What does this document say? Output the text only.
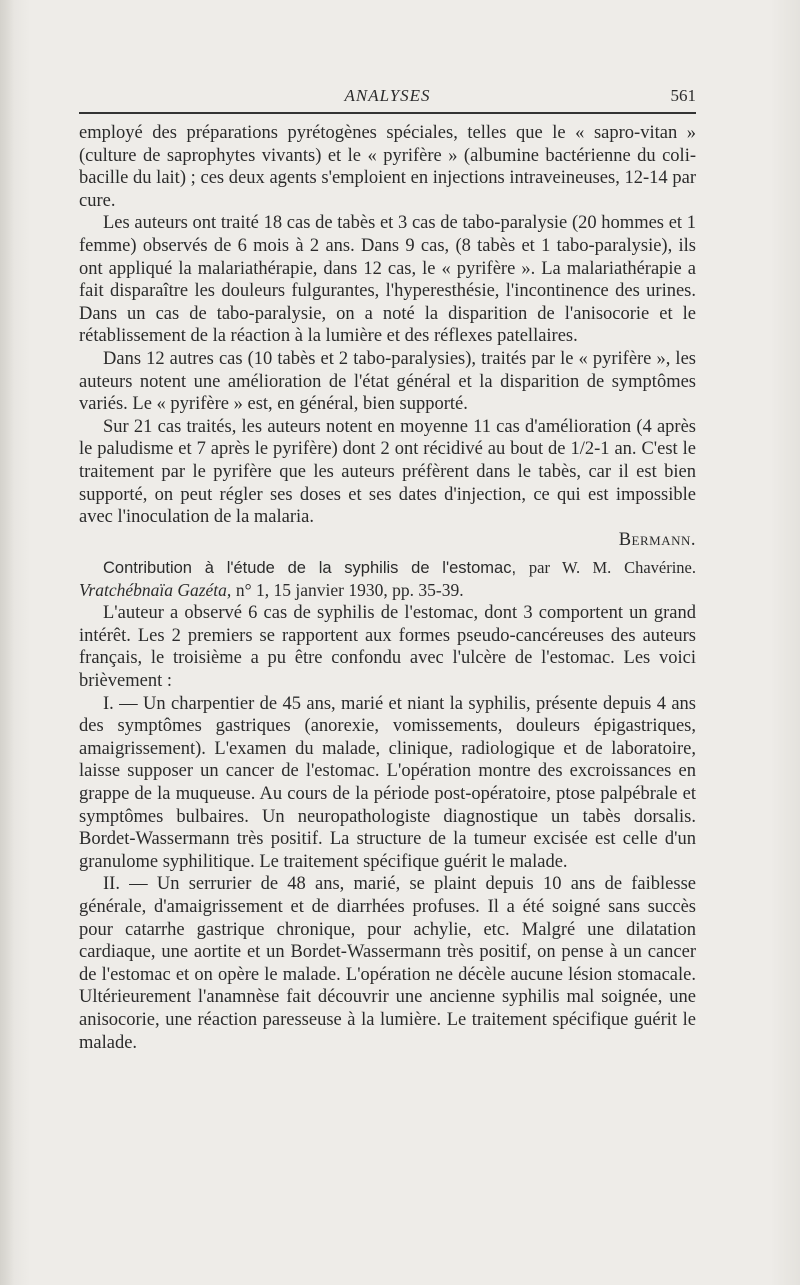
ANALYSES	561

employé des préparations pyrétogènes spéciales, telles que le « sapro-vitan » (culture de saprophytes vivants) et le « pyrifère » (albumine bactérienne du coli-bacille du lait) ; ces deux agents s'emploient en injections intraveineuses, 12-14 par cure.

Les auteurs ont traité 18 cas de tabès et 3 cas de tabo-paralysie (20 hommes et 1 femme) observés de 6 mois à 2 ans. Dans 9 cas, (8 tabès et 1 tabo-paralysie), ils ont appliqué la malariathérapie, dans 12 cas, le « pyrifère ». La malariathérapie a fait disparaître les douleurs fulgurantes, l'hyperesthésie, l'incontinence des urines. Dans un cas de tabo-paralysie, on a noté la disparition de l'anisocorie et le rétablissement de la réaction à la lumière et des réflexes patellaires.

Dans 12 autres cas (10 tabès et 2 tabo-paralysies), traités par le « pyrifère », les auteurs notent une amélioration de l'état général et la disparition de symptômes variés. Le « pyrifère » est, en général, bien supporté.

Sur 21 cas traités, les auteurs notent en moyenne 11 cas d'amélioration (4 après le paludisme et 7 après le pyrifère) dont 2 ont récidivé au bout de 1/2-1 an. C'est le traitement par le pyrifère que les auteurs préfèrent dans le tabès, car il est bien supporté, on peut régler ses doses et ses dates d'injection, ce qui est impossible avec l'inoculation de la malaria.

Bermann.

Contribution à l'étude de la syphilis de l'estomac, par W. M. Chavérine. Vratchébnaïa Gazéta, n° 1, 15 janvier 1930, pp. 35-39.

L'auteur a observé 6 cas de syphilis de l'estomac, dont 3 comportent un grand intérêt. Les 2 premiers se rapportent aux formes pseudo-cancéreuses des auteurs français, le troisième a pu être confondu avec l'ulcère de l'estomac. Les voici brièvement :

I. — Un charpentier de 45 ans, marié et niant la syphilis, présente depuis 4 ans des symptômes gastriques (anorexie, vomissements, douleurs épigastriques, amaigrissement). L'examen du malade, clinique, radiologique et de laboratoire, laisse supposer un cancer de l'estomac. L'opération montre des excroissances en grappe de la muqueuse. Au cours de la période post-opératoire, ptose palpébrale et symptômes bulbaires. Un neuropathologiste diagnostique un tabès dorsalis. Bordet-Wassermann très positif. La structure de la tumeur excisée est celle d'un granulome syphilitique. Le traitement spécifique guérit le malade.

II. — Un serrurier de 48 ans, marié, se plaint depuis 10 ans de faiblesse générale, d'amaigrissement et de diarrhées profuses. Il a été soigné sans succès pour catarrhe gastrique chronique, pour achylie, etc. Malgré une dilatation cardiaque, une aortite et un Bordet-Wassermann très positif, on pense à un cancer de l'estomac et on opère le malade. L'opération ne décèle aucune lésion stomacale. Ultérieurement l'anamnèse fait découvrir une ancienne syphilis mal soignée, une anisocorie, une réaction paresseuse à la lumière. Le traitement spécifique guérit le malade.
